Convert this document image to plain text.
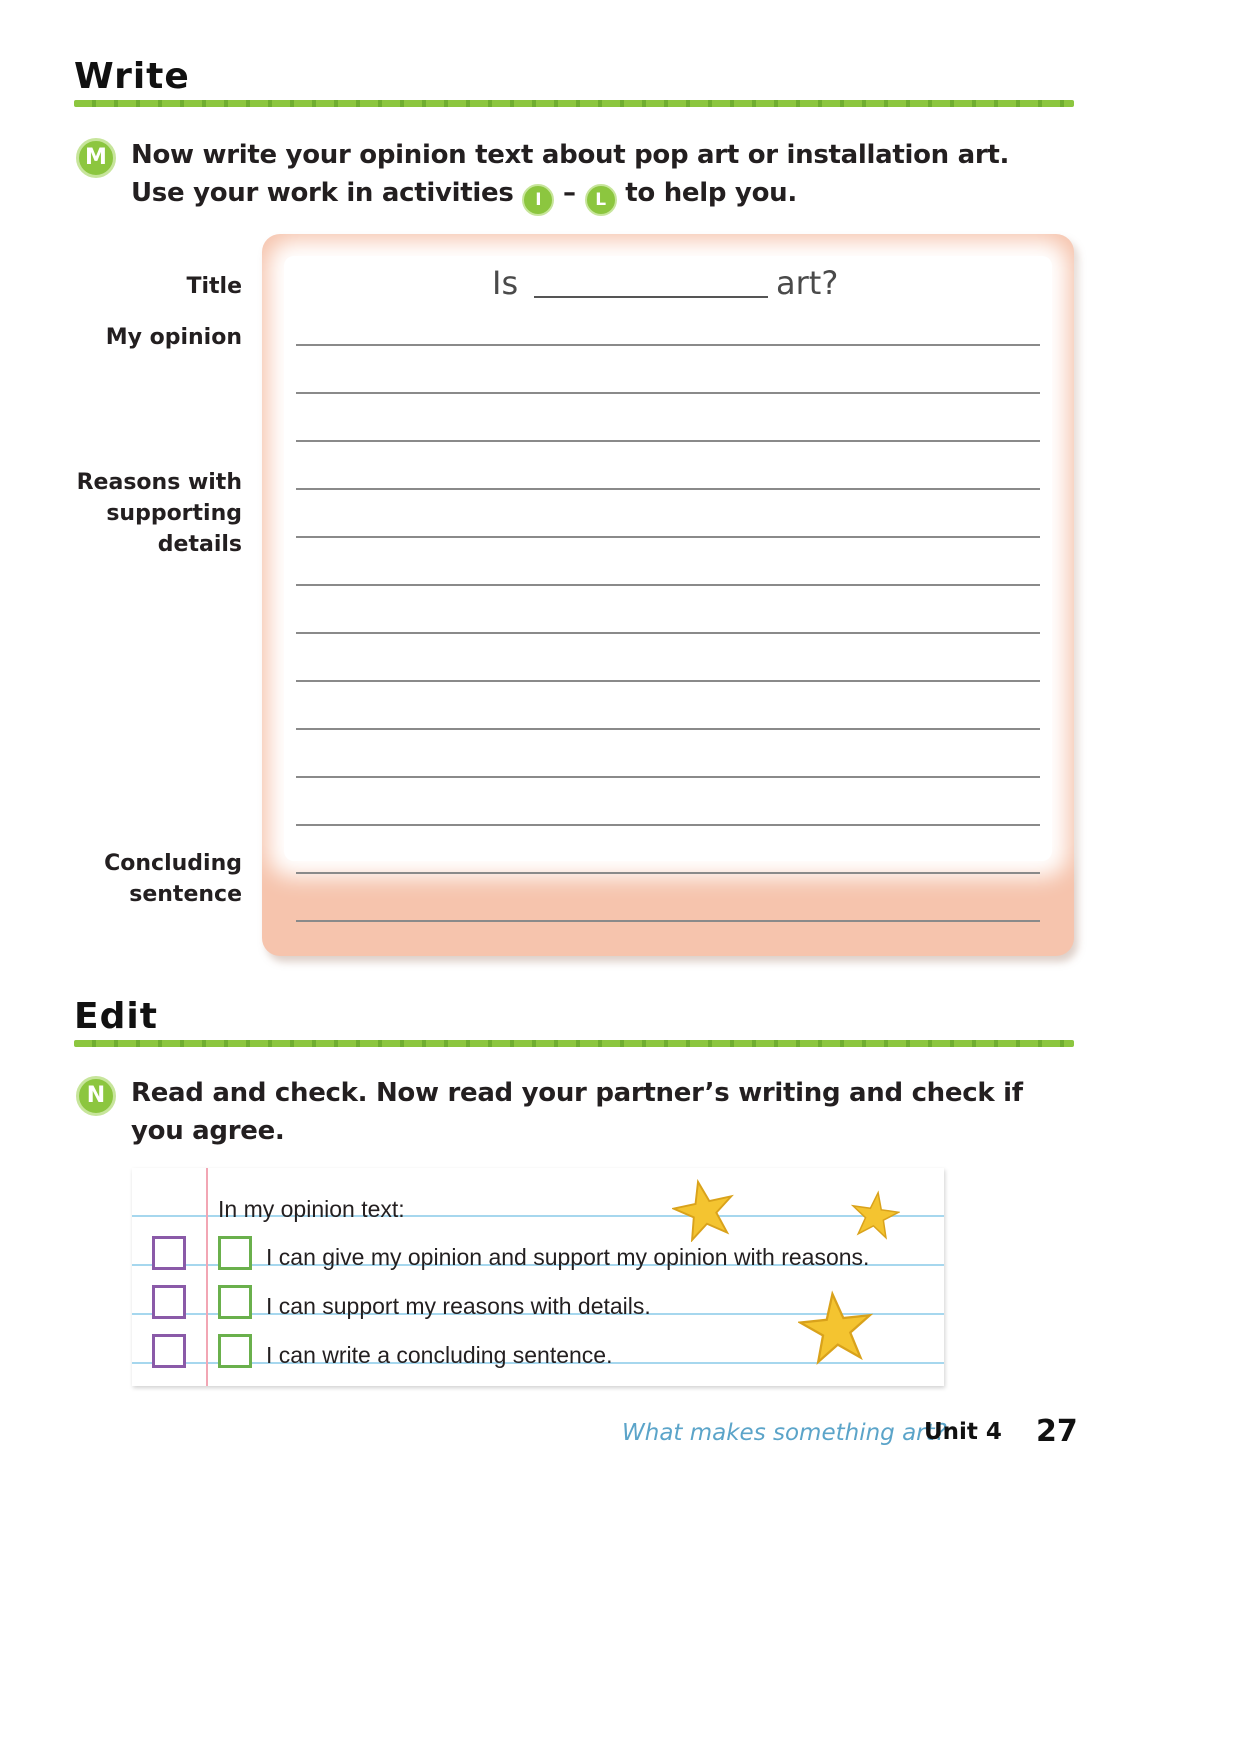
Write
M Now write your opinion text about pop art or installation art.
Use your work in activities I – L to help you.
Is	art?
Title
My opinion
Reasons with
supporting
details
Concluding
sentence
Edit
N Read and check. Now read your partner’s writing and check if
you agree.
In my opinion text:
I can give my opinion and support my opinion with reasons.
I can support my reasons with details.
I can write a concluding sentence.
What makes something art?
Unit 4 27
